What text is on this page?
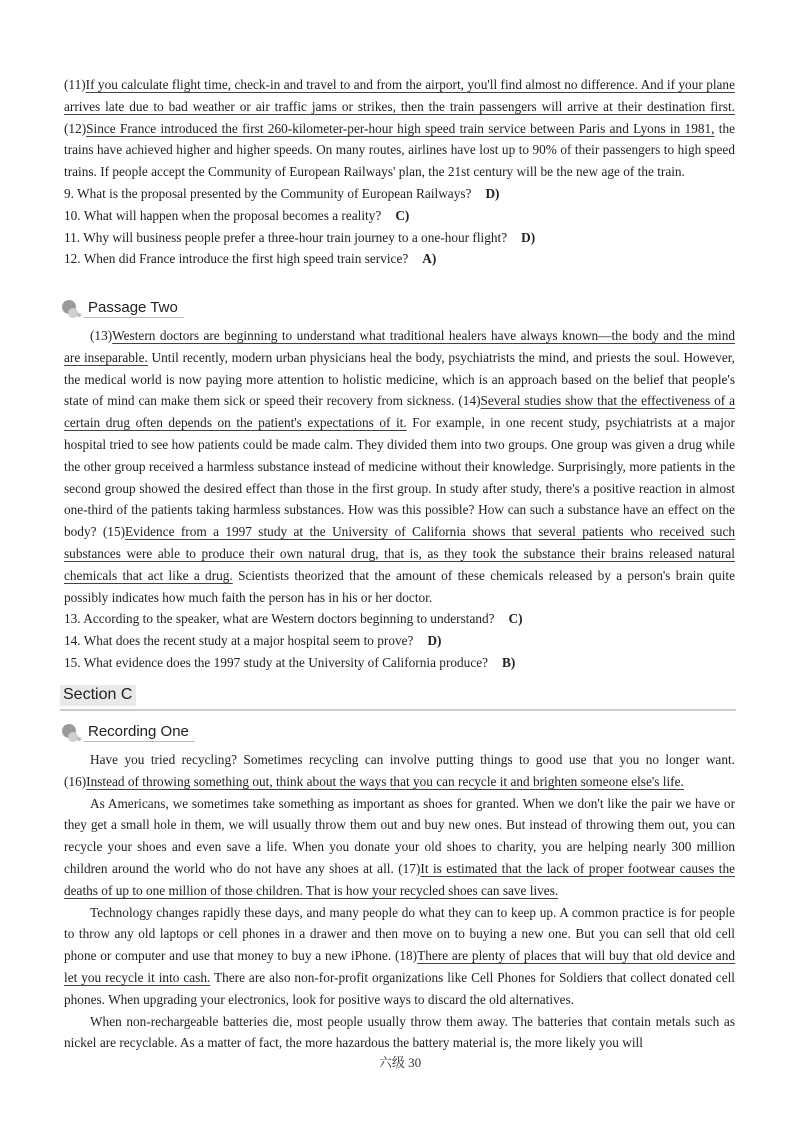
(11)If you calculate flight time, check-in and travel to and from the airport, you'll find almost no difference. And if your plane arrives late due to bad weather or air traffic jams or strikes, then the train passengers will arrive at their destination first. (12)Since France introduced the first 260-kilometer-per-hour high speed train service between Paris and Lyons in 1981, the trains have achieved higher and higher speeds. On many routes, airlines have lost up to 90% of their passengers to high speed trains. If people accept the Community of European Railways' plan, the 21st century will be the new age of the train.

9. What is the proposal presented by the Community of European Railways? D)
10. What will happen when the proposal becomes a reality? C)
11. Why will business people prefer a three-hour train journey to a one-hour flight? D)
12. When did France introduce the first high speed train service? A)
Passage Two

(13)Western doctors are beginning to understand what traditional healers have always known—the body and the mind are inseparable. Until recently, modern urban physicians heal the body, psychiatrists the mind, and priests the soul. However, the medical world is now paying more attention to holistic medicine, which is an approach based on the belief that people's state of mind can make them sick or speed their recovery from sickness. (14)Several studies show that the effectiveness of a certain drug often depends on the patient's expectations of it. For example, in one recent study, psychiatrists at a major hospital tried to see how patients could be made calm. They divided them into two groups. One group was given a drug while the other group received a harmless substance instead of medicine without their knowledge. Surprisingly, more patients in the second group showed the desired effect than those in the first group. In study after study, there's a positive reaction in almost one-third of the patients taking harmless substances. How was this possible? How can such a substance have an effect on the body? (15)Evidence from a 1997 study at the University of California shows that several patients who received such substances were able to produce their own natural drug, that is, as they took the substance their brains released natural chemicals that act like a drug. Scientists theorized that the amount of these chemicals released by a person's brain quite possibly indicates how much faith the person has in his or her doctor.

13. According to the speaker, what are Western doctors beginning to understand? C)
14. What does the recent study at a major hospital seem to prove? D)
15. What evidence does the 1997 study at the University of California produce? B)
Section C
Recording One

Have you tried recycling? Sometimes recycling can involve putting things to good use that you no longer want. (16)Instead of throwing something out, think about the ways that you can recycle it and brighten someone else's life.

As Americans, we sometimes take something as important as shoes for granted. When we don't like the pair we have or they get a small hole in them, we will usually throw them out and buy new ones. But instead of throwing them out, you can recycle your shoes and even save a life. When you donate your old shoes to charity, you are helping nearly 300 million children around the world who do not have any shoes at all. (17)It is estimated that the lack of proper footwear causes the deaths of up to one million of those children. That is how your recycled shoes can save lives.

Technology changes rapidly these days, and many people do what they can to keep up. A common practice is for people to throw any old laptops or cell phones in a drawer and then move on to buying a new one. But you can sell that old cell phone or computer and use that money to buy a new iPhone. (18)There are plenty of places that will buy that old device and let you recycle it into cash. There are also non-for-profit organizations like Cell Phones for Soldiers that collect donated cell phones. When upgrading your electronics, look for positive ways to discard the old alternatives.

When non-rechargeable batteries die, most people usually throw them away. The batteries that contain metals such as nickel are recyclable. As a matter of fact, the more hazardous the battery material is, the more likely you will

六级 30
